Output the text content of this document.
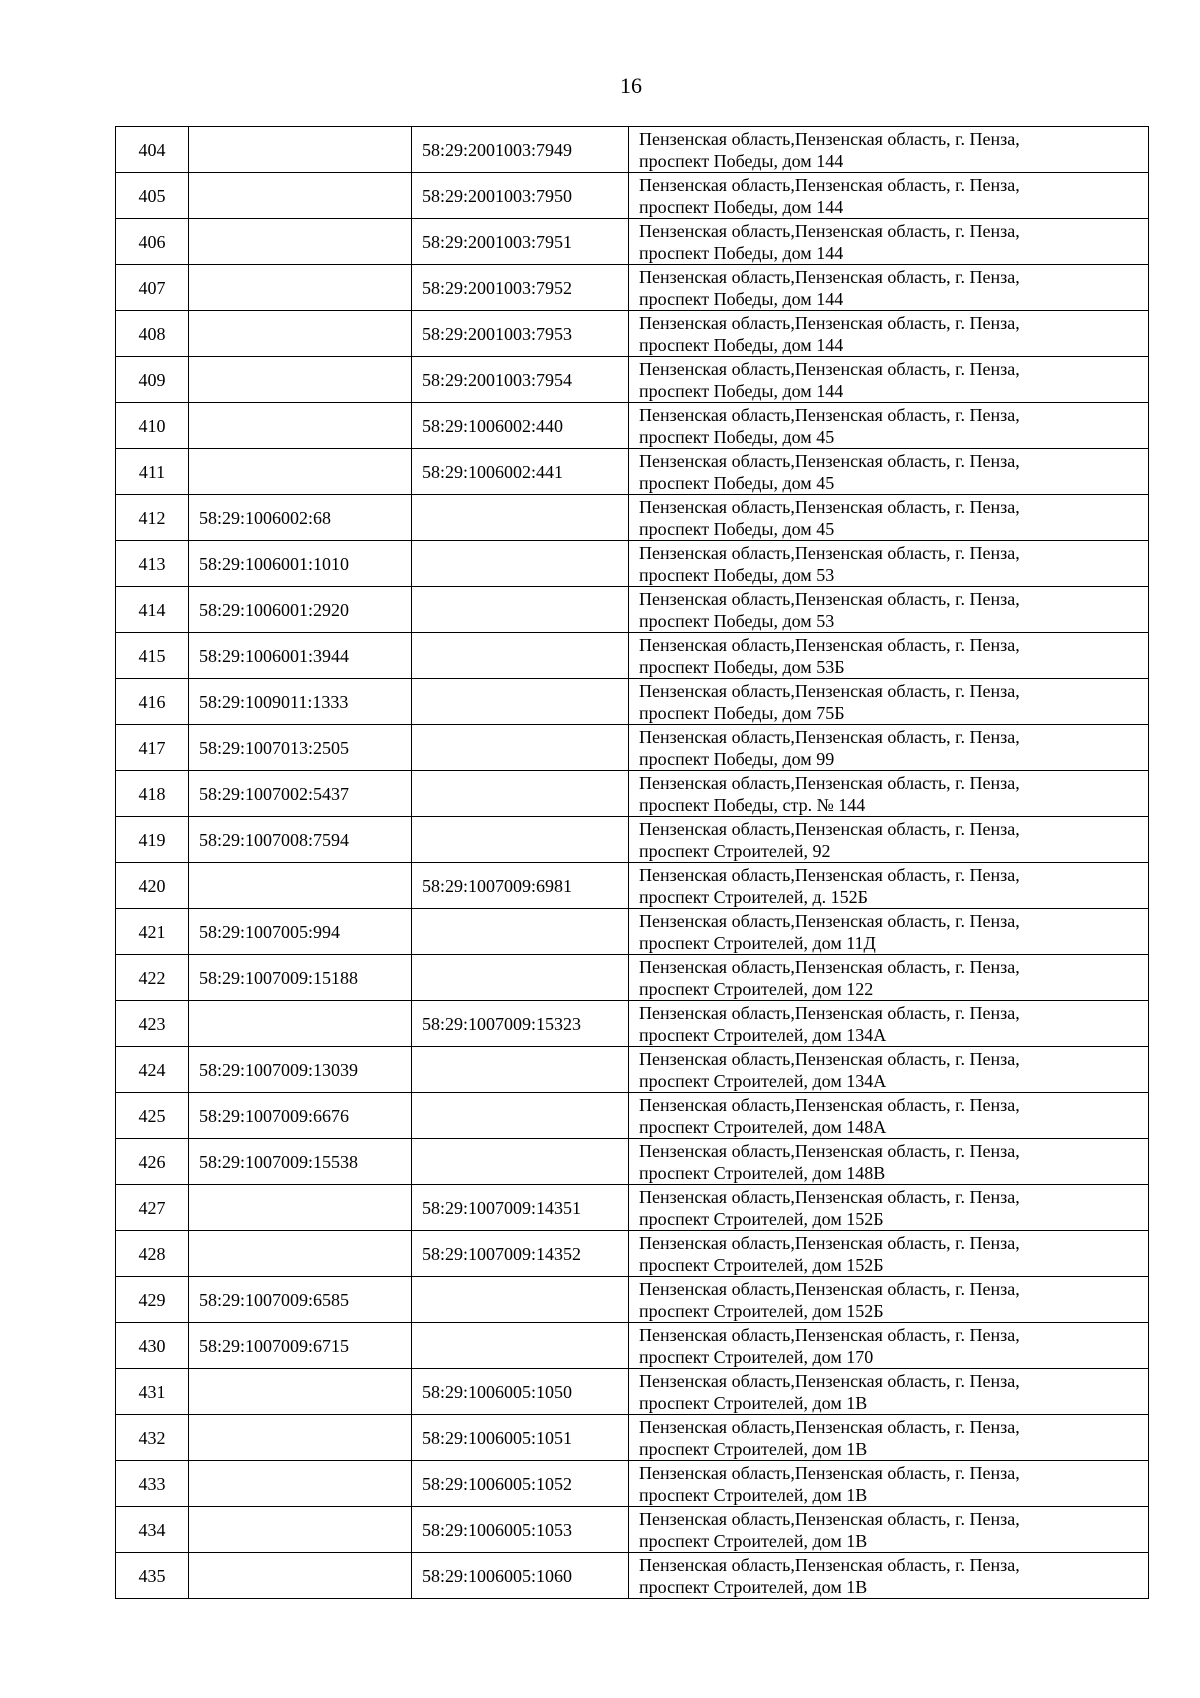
16
404		58:29:2001003:7949	Пензенская область,Пензенская область, г. Пенза,
проспект Победы, дом 144

405		58:29:2001003:7950	Пензенская область,Пензенская область, г. Пенза,
проспект Победы, дом 144

406		58:29:2001003:7951	Пензенская область,Пензенская область, г. Пенза,
проспект Победы, дом 144

407		58:29:2001003:7952	Пензенская область,Пензенская область, г. Пенза,
проспект Победы, дом 144

408		58:29:2001003:7953	Пензенская область,Пензенская область, г. Пенза,
проспект Победы, дом 144

409		58:29:2001003:7954	Пензенская область,Пензенская область, г. Пенза,
проспект Победы, дом 144

410		58:29:1006002:440	Пензенская область,Пензенская область, г. Пенза,
проспект Победы, дом 45

411		58:29:1006002:441	Пензенская область,Пензенская область, г. Пенза,
проспект Победы, дом 45

412	58:29:1006002:68		Пензенская область,Пензенская область, г. Пенза,
проспект Победы, дом 45

413	58:29:1006001:1010		Пензенская область,Пензенская область, г. Пенза,
проспект Победы, дом 53

414	58:29:1006001:2920		Пензенская область,Пензенская область, г. Пенза,
проспект Победы, дом 53

415	58:29:1006001:3944		Пензенская область,Пензенская область, г. Пенза,
проспект Победы, дом 53Б

416	58:29:1009011:1333		Пензенская область,Пензенская область, г. Пенза,
проспект Победы, дом 75Б

417	58:29:1007013:2505		Пензенская область,Пензенская область, г. Пенза,
проспект Победы, дом 99

418	58:29:1007002:5437		Пензенская область,Пензенская область, г. Пенза,
проспект Победы, стр. № 144

419	58:29:1007008:7594		Пензенская область,Пензенская область, г. Пенза,
проспект Строителей, 92

420		58:29:1007009:6981	Пензенская область,Пензенская область, г. Пенза,
проспект Строителей, д. 152Б

421	58:29:1007005:994		Пензенская область,Пензенская область, г. Пенза,
проспект Строителей, дом 11Д

422	58:29:1007009:15188		Пензенская область,Пензенская область, г. Пенза,
проспект Строителей, дом 122

423		58:29:1007009:15323	Пензенская область,Пензенская область, г. Пенза,
проспект Строителей, дом 134А

424	58:29:1007009:13039		Пензенская область,Пензенская область, г. Пенза,
проспект Строителей, дом 134А

425	58:29:1007009:6676		Пензенская область,Пензенская область, г. Пенза,
проспект Строителей, дом 148А

426	58:29:1007009:15538		Пензенская область,Пензенская область, г. Пенза,
проспект Строителей, дом 148В

427		58:29:1007009:14351	Пензенская область,Пензенская область, г. Пенза,
проспект Строителей, дом 152Б

428		58:29:1007009:14352	Пензенская область,Пензенская область, г. Пенза,
проспект Строителей, дом 152Б

429	58:29:1007009:6585		Пензенская область,Пензенская область, г. Пенза,
проспект Строителей, дом 152Б

430	58:29:1007009:6715		Пензенская область,Пензенская область, г. Пенза,
проспект Строителей, дом 170

431		58:29:1006005:1050	Пензенская область,Пензенская область, г. Пенза,
проспект Строителей, дом 1В

432		58:29:1006005:1051	Пензенская область,Пензенская область, г. Пенза,
проспект Строителей, дом 1В

433		58:29:1006005:1052	Пензенская область,Пензенская область, г. Пенза,
проспект Строителей, дом 1В

434		58:29:1006005:1053	Пензенская область,Пензенская область, г. Пенза,
проспект Строителей, дом 1В

435		58:29:1006005:1060	Пензенская область,Пензенская область, г. Пенза,
проспект Строителей, дом 1В
